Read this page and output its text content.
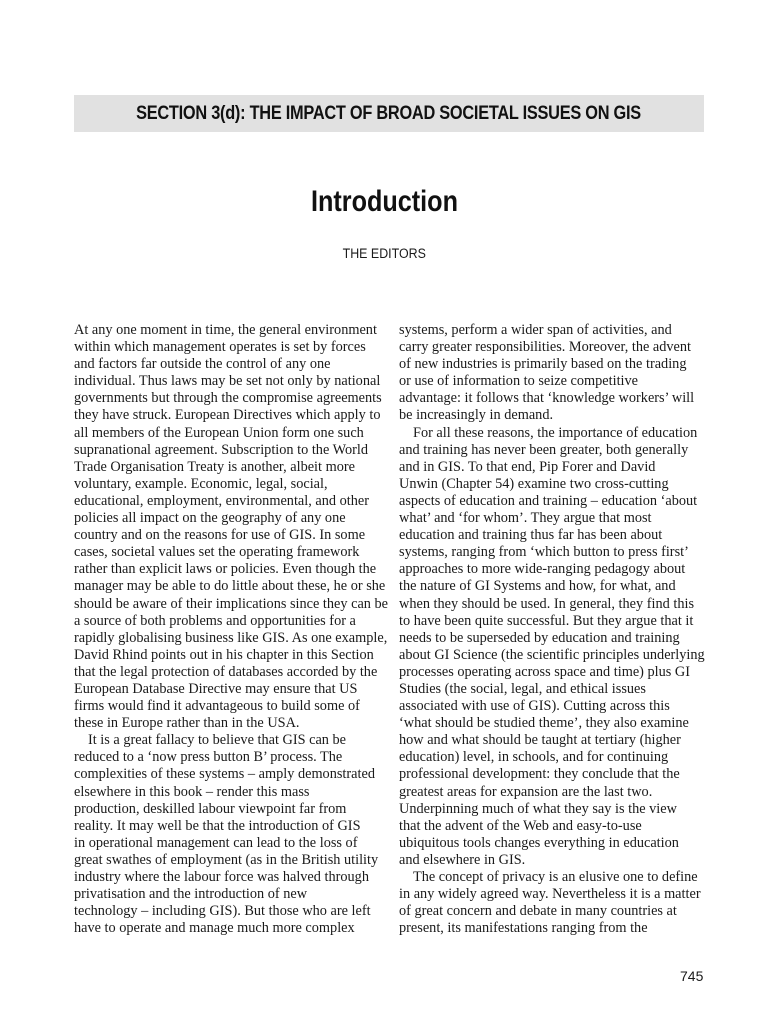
SECTION 3(d): THE IMPACT OF BROAD SOCIETAL ISSUES ON GIS
Introduction
THE EDITORS
At any one moment in time, the general environment
within which management operates is set by forces
and factors far outside the control of any one
individual. Thus laws may be set not only by national
governments but through the compromise agreements
they have struck. European Directives which apply to
all members of the European Union form one such
supranational agreement. Subscription to the World
Trade Organisation Treaty is another, albeit more
voluntary, example. Economic, legal, social,
educational, employment, environmental, and other
policies all impact on the geography of any one
country and on the reasons for use of GIS. In some
cases, societal values set the operating framework
rather than explicit laws or policies. Even though the
manager may be able to do little about these, he or she
should be aware of their implications since they can be
a source of both problems and opportunities for a
rapidly globalising business like GIS. As one example,
David Rhind points out in his chapter in this Section
that the legal protection of databases accorded by the
European Database Directive may ensure that US
firms would find it advantageous to build some of
these in Europe rather than in the USA.
It is a great fallacy to believe that GIS can be
reduced to a ‘now press button B’ process. The
complexities of these systems – amply demonstrated
elsewhere in this book – render this mass
production, deskilled labour viewpoint far from
reality. It may well be that the introduction of GIS
in operational management can lead to the loss of
great swathes of employment (as in the British utility
industry where the labour force was halved through
privatisation and the introduction of new
technology – including GIS). But those who are left
have to operate and manage much more complex
systems, perform a wider span of activities, and
carry greater responsibilities. Moreover, the advent
of new industries is primarily based on the trading
or use of information to seize competitive
advantage: it follows that ‘knowledge workers’ will
be increasingly in demand.
For all these reasons, the importance of education
and training has never been greater, both generally
and in GIS. To that end, Pip Forer and David
Unwin (Chapter 54) examine two cross-cutting
aspects of education and training – education ‘about
what’ and ‘for whom’. They argue that most
education and training thus far has been about
systems, ranging from ‘which button to press first’
approaches to more wide-ranging pedagogy about
the nature of GI Systems and how, for what, and
when they should be used. In general, they find this
to have been quite successful. But they argue that it
needs to be superseded by education and training
about GI Science (the scientific principles underlying
processes operating across space and time) plus GI
Studies (the social, legal, and ethical issues
associated with use of GIS). Cutting across this
‘what should be studied theme’, they also examine
how and what should be taught at tertiary (higher
education) level, in schools, and for continuing
professional development: they conclude that the
greatest areas for expansion are the last two.
Underpinning much of what they say is the view
that the advent of the Web and easy-to-use
ubiquitous tools changes everything in education
and elsewhere in GIS.
The concept of privacy is an elusive one to define
in any widely agreed way. Nevertheless it is a matter
of great concern and debate in many countries at
present, its manifestations ranging from the
745
